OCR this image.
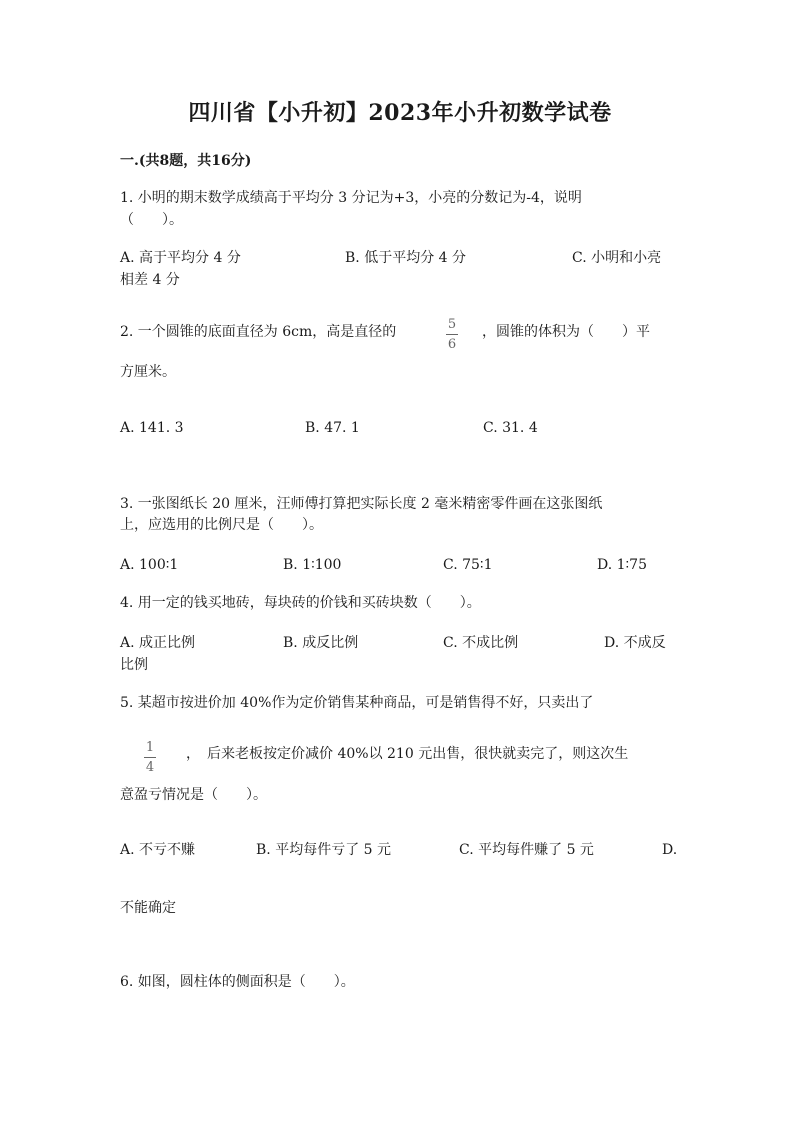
四川省【小升初】2023年小升初数学试卷
一.(共8题，共16分)
1. 小明的期末数学成绩高于平均分 3 分记为+3，小亮的分数记为-4，说明
（　　）。
A. 高于平均分 4 分	B. 低于平均分 4 分	C. 小明和小亮
相差 4 分
2. 一个圆锥的底面直径为 6cm，高是直径的	5
6
，圆锥的体积为（　　）平
方厘米。
A. 141. 3	B. 47. 1	C. 31. 4
3. 一张图纸长 20 厘米，汪师傅打算把实际长度 2 毫米精密零件画在这张图纸
上，应选用的比例尺是（　　）。
A. 100∶1	B. 1∶100	C. 75∶1	D. 1∶75
4. 用一定的钱买地砖，每块砖的价钱和买砖块数（　　）。
A. 成正比例	B. 成反比例	C. 不成比例	D. 不成反
比例
5. 某超市按进价加 40%作为定价销售某种商品，可是销售得不好，只卖出了
1
4
，　后来老板按定价减价 40%以 210 元出售，很快就卖完了，则这次生
意盈亏情况是（　　）。
A. 不亏不赚	B. 平均每件亏了 5 元	C. 平均每件赚了 5 元	D.
不能确定
6. 如图，圆柱体的侧面积是（　　）。
